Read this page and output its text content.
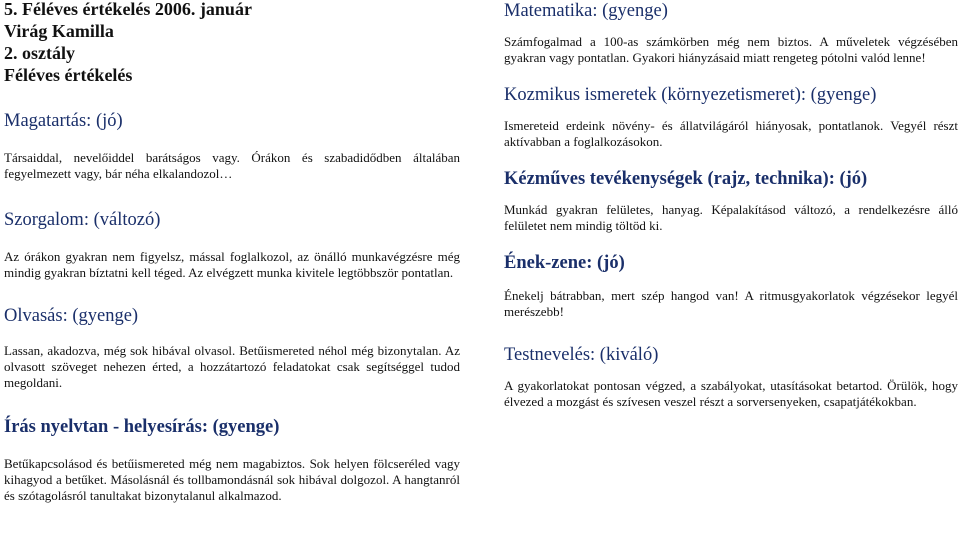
5. Féléves értékelés 2006. január
Virág Kamilla
2. osztály
Féléves értékelés
Magatartás: (jó)

Társaiddal, nevelőiddel barátságos vagy. Órákon és szabadidődben általában fegyelmezett vagy, bár néha elkalandozol…

Szorgalom: (változó)

Az órákon gyakran nem figyelsz, mással foglalkozol, az önálló munkavégzésre még mindig gyakran bíztatni kell téged. Az elvégzett munka kivitele legtöbbször pontatlan.

Olvasás: (gyenge)

Lassan, akadozva, még sok hibával olvasol. Betűismereted néhol még bizonytalan. Az olvasott szöveget nehezen érted, a hozzátartozó feladatokat csak segítséggel tudod megoldani.

Írás nyelvtan - helyesírás: (gyenge)

Betűkapcsolásod és betűismereted még nem magabiztos. Sok helyen fölcseréled vagy kihagyod a betűket. Másolásnál és tollbamondásnál sok hibával dolgozol. A hangtanról és szótagolásról tanultakat bizonytalanul alkalmazod.

Matematika: (gyenge)

Számfogalmad a 100-as számkörben még nem biztos. A műveletek végzésében gyakran vagy pontatlan. Gyakori hiányzásaid miatt rengeteg pótolni valód lenne!

Kozmikus ismeretek (környezetismeret): (gyenge)

Ismereteid erdeink növény- és állatvilágáról hiányosak, pontatlanok. Vegyél részt aktívabban a foglalkozásokon.

Kézműves tevékenységek (rajz, technika): (jó)

Munkád gyakran felületes, hanyag. Képalakításod változó, a rendelkezésre álló felületet nem mindig töltöd ki.

Ének-zene: (jó)

Énekelj bátrabban, mert szép hangod van! A ritmusgyakorlatok végzésekor legyél merészebb!

Testnevelés: (kiváló)

A gyakorlatokat pontosan végzed, a szabályokat, utasításokat betartod. Örülök, hogy élvezed a mozgást és szívesen veszel részt a sorversenyeken, csapatjátékokban.
